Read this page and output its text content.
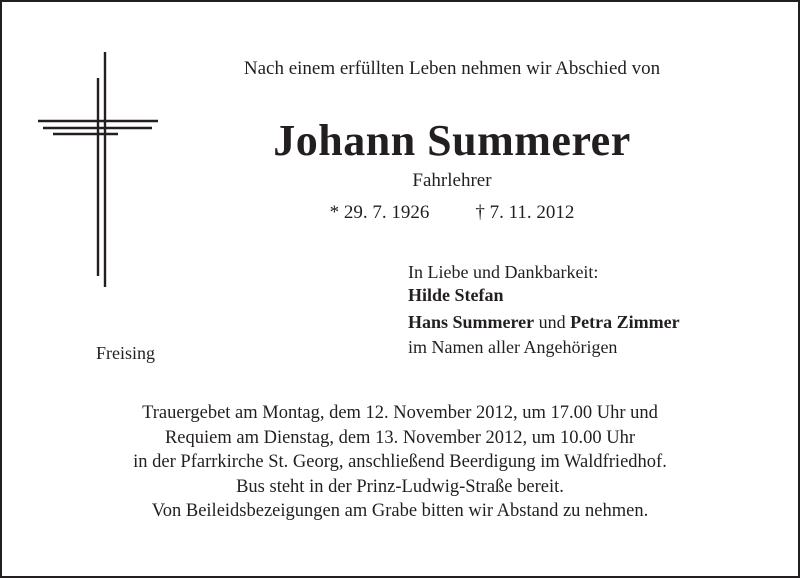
Nach einem erfüllten Leben nehmen wir Abschied von
Johann Summerer
Fahrlehrer
* 29. 7. 1926 † 7. 11. 2012
In Liebe und Dankbarkeit:
Hilde Stefan
Hans Summerer und Petra Zimmer
im Namen aller Angehörigen
Freising
Trauergebet am Montag, dem 12. November 2012, um 17.00 Uhr und
Requiem am Dienstag, dem 13. November 2012, um 10.00 Uhr
in der Pfarrkirche St. Georg, anschließend Beerdigung im Waldfriedhof.
Bus steht in der Prinz-Ludwig-Straße bereit.
Von Beileidsbezeigungen am Grabe bitten wir Abstand zu nehmen.
